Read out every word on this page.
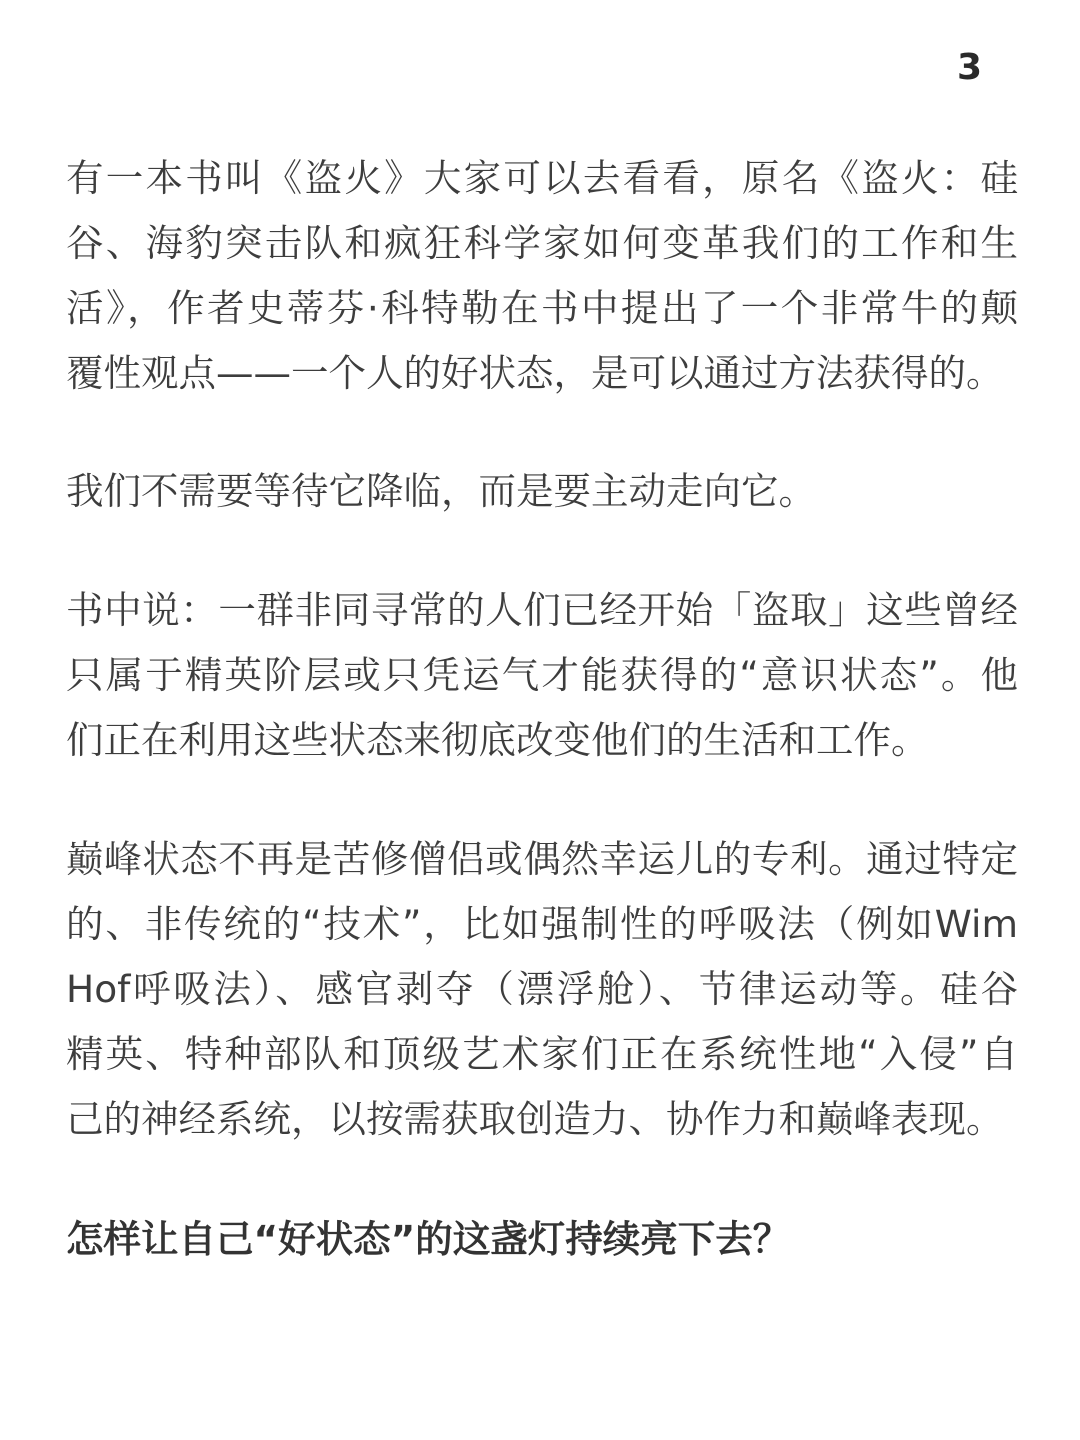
3

有一本书叫《盗火》大家可以去看看，原名《盗火：硅
谷、海豹突击队和疯狂科学家如何变革我们的工作和生
活》，作者史蒂芬·科特勒在书中提出了一个非常牛的颠
覆性观点——一个人的好状态，是可以通过方法获得的。

我们不需要等待它降临，而是要主动走向它。

书中说：一群非同寻常的人们已经开始「盗取」这些曾经
只属于精英阶层或只凭运气才能获得的“意识状态”。他
们正在利用这些状态来彻底改变他们的生活和工作。

巅峰状态不再是苦修僧侣或偶然幸运儿的专利。通过特定
的、非传统的“技术”，比如强制性的呼吸法（例如Wim
Hof呼吸法）、感官剥夺（漂浮舱）、节律运动等。硅谷
精英、特种部队和顶级艺术家们正在系统性地“入侵”自
己的神经系统，以按需获取创造力、协作力和巅峰表现。

怎样让自己“好状态”的这盏灯持续亮下去？
